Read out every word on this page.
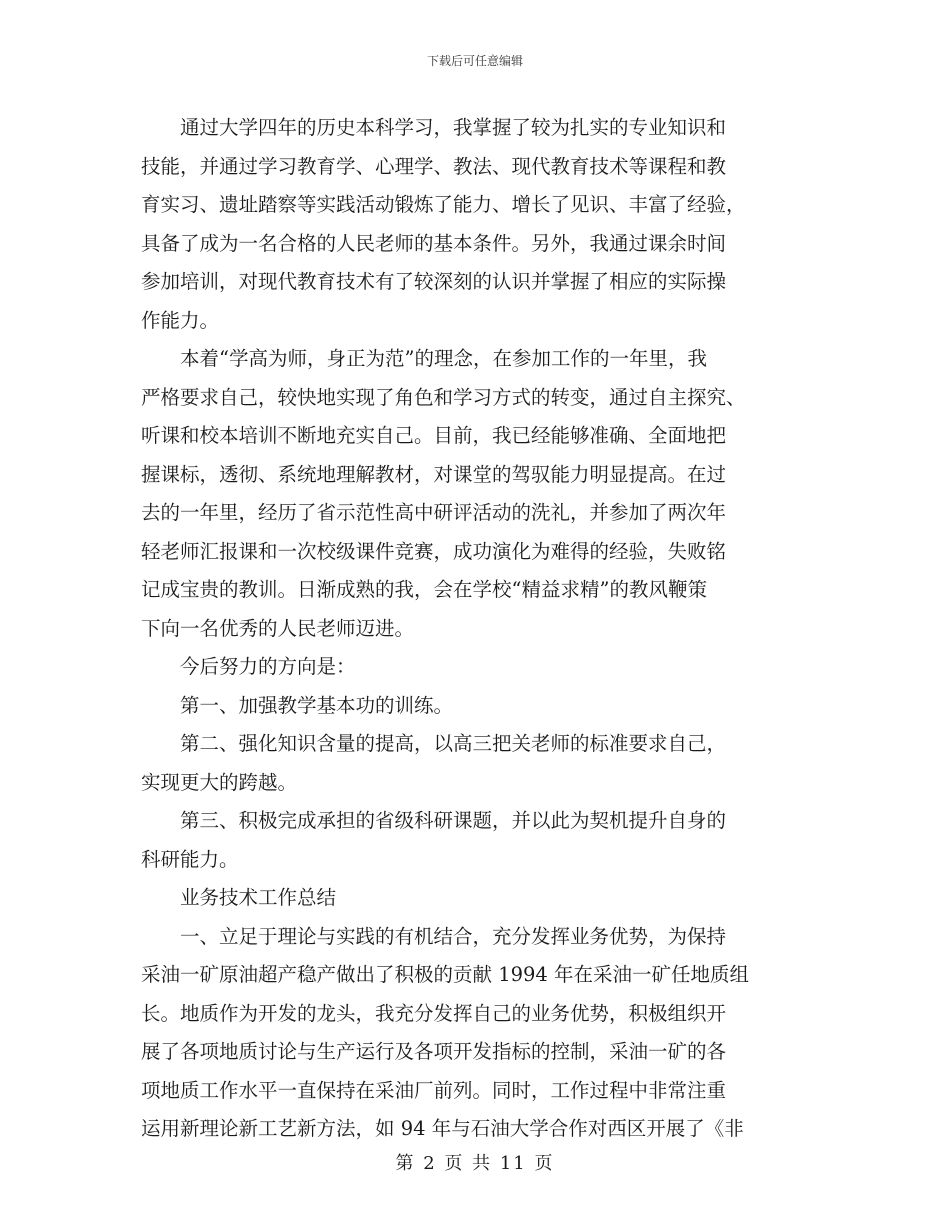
下载后可任意编辑
　　通过大学四年的历史本科学习，我掌握了较为扎实的专业知识和
技能，并通过学习教育学、心理学、教法、现代教育技术等课程和教
育实习、遗址踏察等实践活动锻炼了能力、增长了见识、丰富了经验，
具备了成为一名合格的人民老师的基本条件。另外，我通过课余时间
参加培训，对现代教育技术有了较深刻的认识并掌握了相应的实际操
作能力。
　　本着“学高为师，身正为范”的理念，在参加工作的一年里，我
严格要求自己，较快地实现了角色和学习方式的转变，通过自主探究、
听课和校本培训不断地充实自己。目前，我已经能够准确、全面地把
握课标，透彻、系统地理解教材，对课堂的驾驭能力明显提高。在过
去的一年里，经历了省示范性高中研评活动的洗礼，并参加了两次年
轻老师汇报课和一次校级课件竞赛，成功演化为难得的经验，失败铭
记成宝贵的教训。日渐成熟的我，会在学校“精益求精”的教风鞭策
下向一名优秀的人民老师迈进。
　　今后努力的方向是：
　　第一、加强教学基本功的训练。
　　第二、强化知识含量的提高，以高三把关老师的标准要求自己，
实现更大的跨越。
　　第三、积极完成承担的省级科研课题，并以此为契机提升自身的
科研能力。
　　业务技术工作总结
　　一、立足于理论与实践的有机结合，充分发挥业务优势，为保持
采油一矿原油超产稳产做出了积极的贡献 1994 年在采油一矿任地质组
长。地质作为开发的龙头，我充分发挥自己的业务优势，积极组织开
展了各项地质讨论与生产运行及各项开发指标的控制，采油一矿的各
项地质工作水平一直保持在采油厂前列。同时，工作过程中非常注重
运用新理论新工艺新方法，如 94 年与石油大学合作对西区开展了《非
第 2 页 共 11 页
